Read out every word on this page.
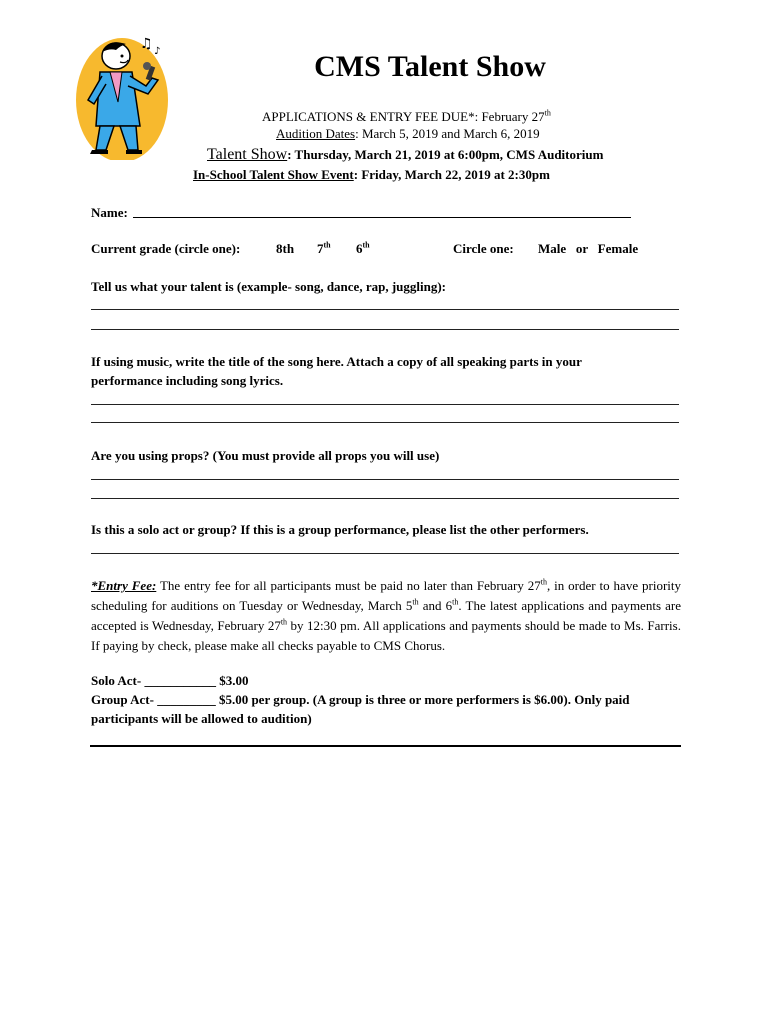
♫ ♪	CMS Talent Show
APPLICATIONS & ENTRY FEE DUE*: February 27th
Audition Dates: March 5, 2019 and March 6, 2019
Talent Show: Thursday, March 21, 2019 at 6:00pm, CMS Auditorium
In-School Talent Show Event: Friday, March 22, 2019 at 2:30pm
Name:
Current grade (circle one):	8th 7th 6th	Circle one: Male   or   Female
Tell us what your talent is (example- song, dance, rap, juggling):
If using music, write the title of the song here. Attach a copy of all speaking parts in your
performance including song lyrics.
Are you using props? (You must provide all props you will use)
Is this a solo act or group? If this is a group performance, please list the other performers.
*Entry Fee: The entry fee for all participants must be paid no later than February 27th, in order to have priority scheduling for auditions on Tuesday or Wednesday, March 5th and 6th. The latest applications and payments are accepted is Wednesday, February 27th by 12:30 pm. All applications and payments should be made to Ms. Farris. If paying by check, please make all checks payable to CMS Chorus.
Solo Act- ___________ $3.00
Group Act- _________ $5.00 per group. (A group is three or more performers is $6.00). Only paid
participants will be allowed to audition)
